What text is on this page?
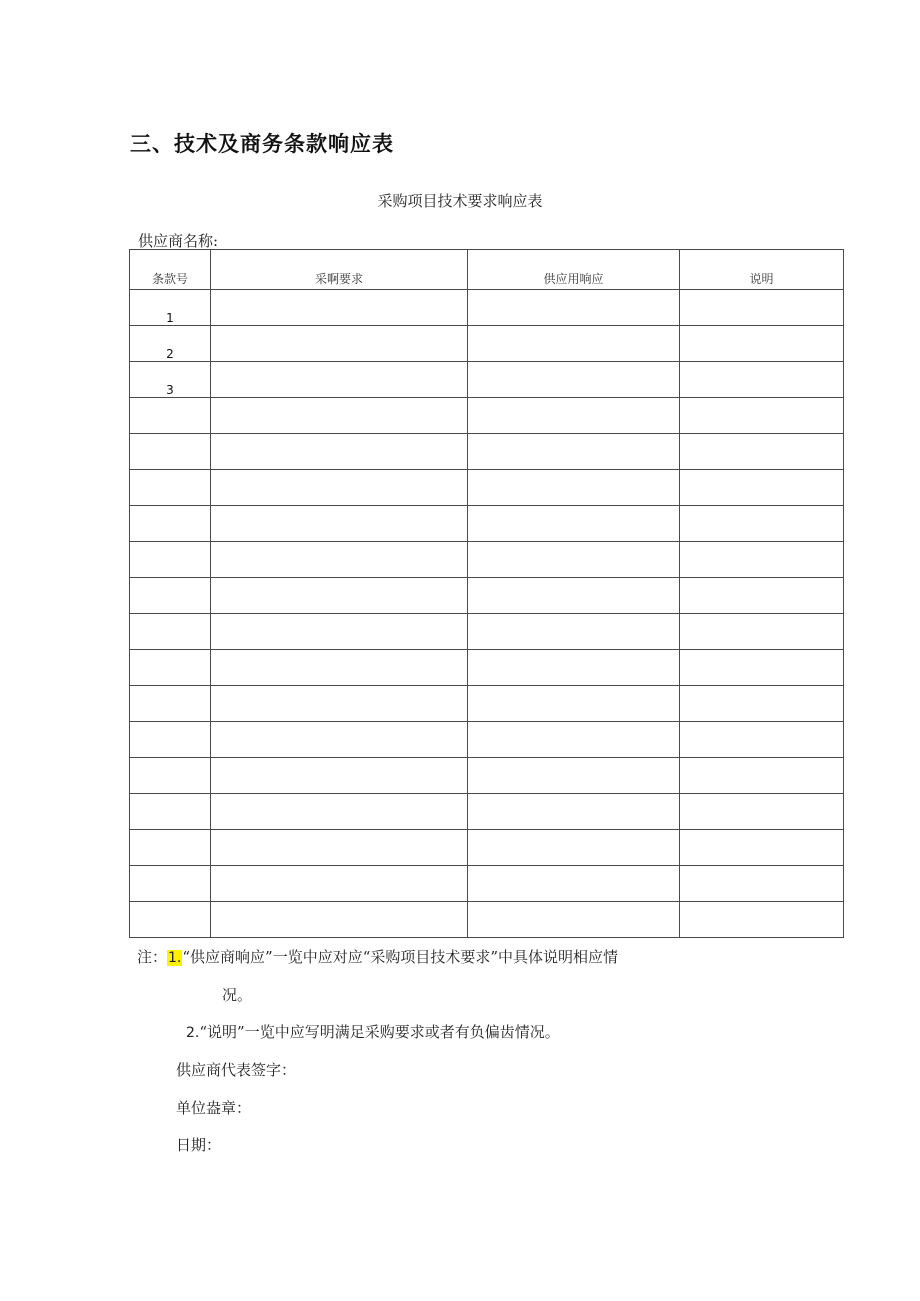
三、技术及商务条款响应表
采购项目技术要求响应表
供应商名称:
条款号	采啊要求	供应用响应	说明
1			
2			
3			

注：1.“供应商响应”一览中应对应“采购项目技术要求”中具体说明相应情
况。
2.“说明”一览中应写明满足采购要求或者有负偏齿情况。
供应商代表签字：
单位盎章：
日期：
